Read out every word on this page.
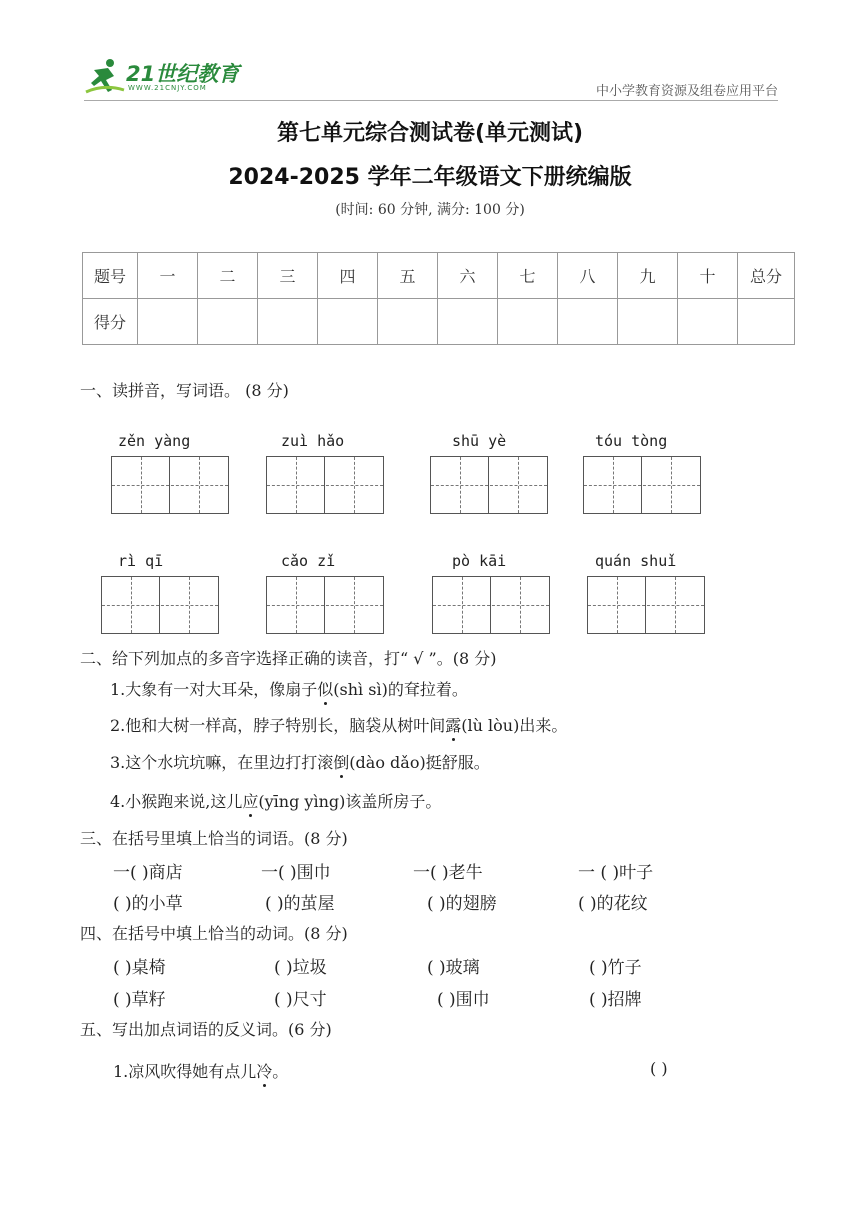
21世纪教育
WWW.21CNJY.COM	中小学教育资源及组卷应用平台
第七单元综合测试卷(单元测试)
2024-2025 学年二年级语文下册统编版
(时间: 60 分钟, 满分: 100 分)
题号	一	二	三	四	五	六	七	八	九	十	总分
得分											
一、读拼音，写词语。 (8 分)
zěn yàng	zuì hǎo	shū yè	tóu tòng
rì qī	cǎo zǐ	pò kāi	quán shuǐ
二、给下列加点的多音字选择正确的读音，打“ √ ”。(8 分)
1.大象有一对大耳朵，像扇子似(shì sì)的耷拉着。
2.他和大树一样高，脖子特别长，脑袋从树叶间露(lù lòu)出来。
3.这个水坑坑嘛，在里边打打滚倒(dào dǎo)挺舒服。
4.小猴跑来说,这儿应(yīng yìng)该盖所房子。
三、在括号里填上恰当的词语。(8 分)
一( )商店	一( )围巾	一( )老牛	一 ( )叶子
( )的小草	( )的茧屋	( )的翅膀	( )的花纹
四、在括号中填上恰当的动词。(8 分)
( )桌椅	( )垃圾	( )玻璃	( )竹子
( )草籽	( )尺寸	( )围巾	( )招牌
五、写出加点词语的反义词。(6 分)
1.凉风吹得她有点儿冷。	( )
